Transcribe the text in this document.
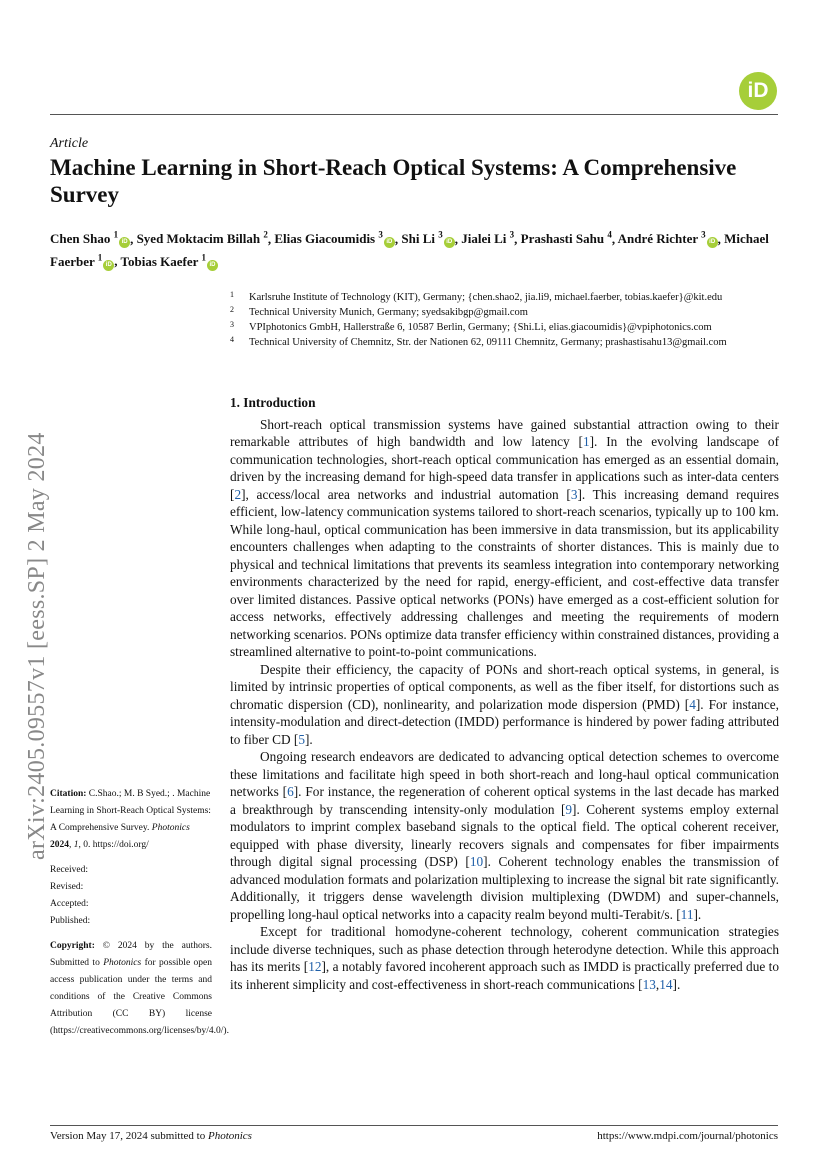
iD
Article
Machine Learning in Short-Reach Optical Systems: A Comprehensive Survey
Chen Shao $^1$iD , Syed Moktacim Billah $^2$, Elias Giacoumidis $^3$iD , Shi Li $^3$iD , Jialei Li $^3$, Prashasti Sahu $^4$, André Richter $^3$iD , Michael Faerber $^1$iD , Tobias Kaefer $^1$iD
1 Karlsruhe Institute of Technology (KIT), Germany; {chen.shao2, jia.li9, michael.faerber, tobias.kaefer}@kit.edu
2 Technical University Munich, Germany; syedsakibgp@gmail.com
3 VPIphotonics GmbH, Hallerstraße 6, 10587 Berlin, Germany; {Shi.Li, elias.giacoumidis}@vpiphotonics.com
4 Technical University of Chemnitz, Str. der Nationen 62, 09111 Chemnitz, Germany; prashastisahu13@gmail.com
arXiv:2405.09557v1 [eess.SP] 2 May 2024 Citation: C.Shao.; M. B Syed.; . Machine Learning in Short-Reach Optical Systems: A Comprehensive Survey. Photonics 2024, 1, 0. https://doi.org/

Received:

Revised:

Accepted:

Published:

Copyright: © 2024 by the authors. Submitted to Photonics for possible open access publication under the terms and conditions of the Creative Commons Attribution (CC BY) license (https://creativecommons.org/licenses/by/4.0/).

1. Introduction

Short-reach optical transmission systems have gained substantial attraction owing to their remarkable attributes of high bandwidth and low latency [1]. In the evolving landscape of communication technologies, short-reach optical communication has emerged as an essential domain, driven by the increasing demand for high-speed data transfer in applications such as inter-data centers [2], access/local area networks and industrial automation [3]. This increasing demand requires efficient, low-latency communication systems tailored to short-reach scenarios, typically up to 100 km. While long-haul, optical communication has been immersive in data transmission, but its applicability encounters challenges when adapting to the constraints of shorter distances. This is mainly due to physical and technical limitations that prevents its seamless integration into contemporary networking environments characterized by the need for rapid, energy-efficient, and cost-effective data transfer over limited distances. Passive optical networks (PONs) have emerged as a cost-efficient solution for access networks, effectively addressing challenges and meeting the requirements of modern networking scenarios. PONs optimize data transfer efficiency within constrained distances, providing a streamlined alternative to point-to-point communications.

Despite their efficiency, the capacity of PONs and short-reach optical systems, in general, is limited by intrinsic properties of optical components, as well as the fiber itself, for distortions such as chromatic dispersion (CD), nonlinearity, and polarization mode dispersion (PMD) [4]. For instance, intensity-modulation and direct-detection (IMDD) performance is hindered by power fading attributed to fiber CD [5].

Ongoing research endeavors are dedicated to advancing optical detection schemes to overcome these limitations and facilitate high speed in both short-reach and long-haul optical communication networks [6]. For instance, the regeneration of coherent optical systems in the last decade has marked a breakthrough by transcending intensity-only modulation [9]. Coherent systems employ external modulators to imprint complex baseband signals to the optical field. The optical coherent receiver, equipped with phase diversity, linearly recovers signals and compensates for fiber impairments through digital signal processing (DSP) [10]. Coherent technology enables the transmission of advanced modulation formats and polarization multiplexing to increase the signal bit rate significantly. Additionally, it triggers dense wavelength division multiplexing (DWDM) and super-channels, propelling long-haul optical networks into a capacity realm beyond multi-Terabit/s. [11].

Except for traditional homodyne-coherent technology, coherent communication strategies include diverse techniques, such as phase detection through heterodyne detection. While this approach has its merits [12], a notably favored incoherent approach such as IMDD is practically preferred due to its inherent simplicity and cost-effectiveness in short-reach communications [13,14].

Version May 17, 2024 submitted to Photonics	https://www.mdpi.com/journal/photonics
